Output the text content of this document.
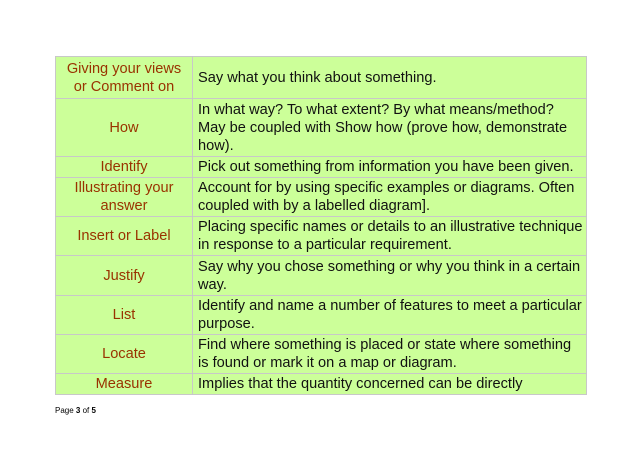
Giving your views or Comment on	Say what you think about something.
How	In what way? To what extent? By what means/method? May be coupled with Show how (prove how, demonstrate how).
Identify	Pick out something from information you have been given.
Illustrating your answer	Account for by using specific examples or diagrams. Often coupled with by a labelled diagram].
Insert or Label	Placing specific names or details to an illustrative technique in response to a particular requirement.
Justify	Say why you chose something or why you think in a certain way.
List	Identify and name a number of features to meet a particular purpose.
Locate	Find where something is placed or state where something is found or mark it on a map or diagram.
Measure	Implies that the quantity concerned can be directly
Page 3 of 5
